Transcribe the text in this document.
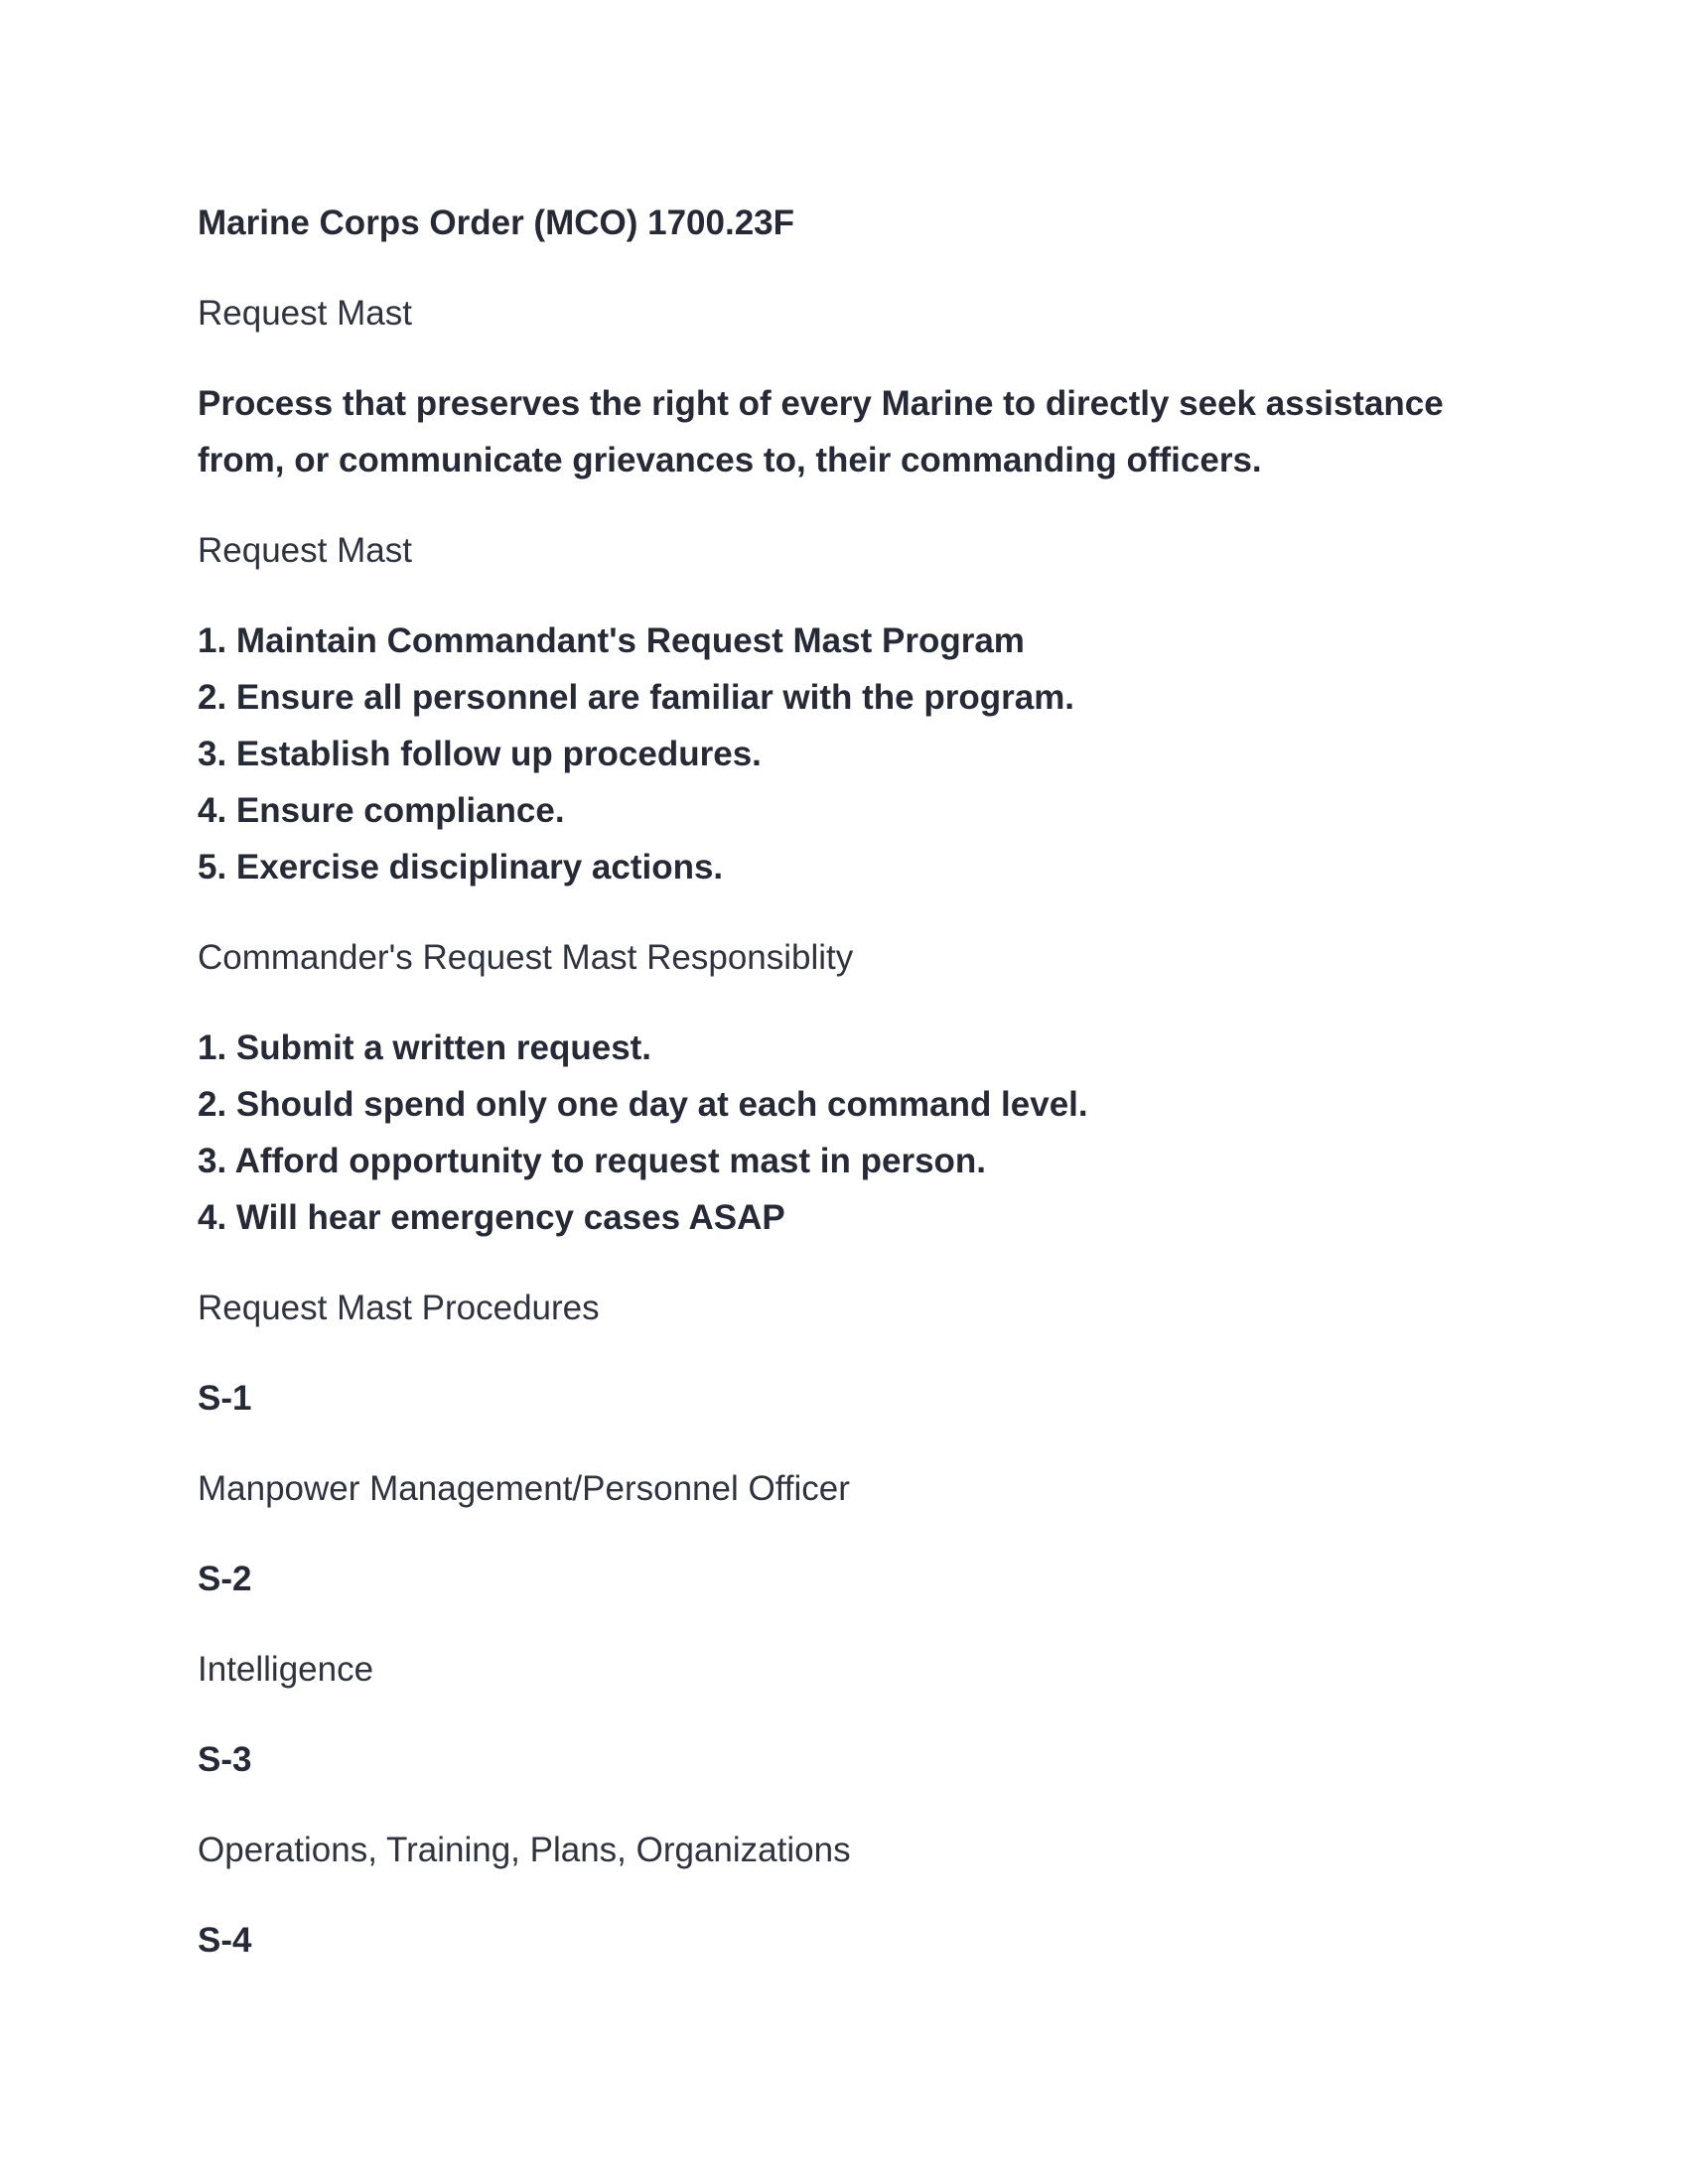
Marine Corps Order (MCO) 1700.23F

Request Mast

Process that preserves the right of every Marine to directly seek assistance from, or communicate grievances to, their commanding officers.

Request Mast

1. Maintain Commandant's Request Mast Program
2. Ensure all personnel are familiar with the program.
3. Establish follow up procedures.
4. Ensure compliance.
5. Exercise disciplinary actions.

Commander's Request Mast Responsiblity

1. Submit a written request.
2. Should spend only one day at each command level.
3. Afford opportunity to request mast in person.
4. Will hear emergency cases ASAP

Request Mast Procedures

S-1

Manpower Management/Personnel Officer

S-2

Intelligence

S-3

Operations, Training, Plans, Organizations

S-4
